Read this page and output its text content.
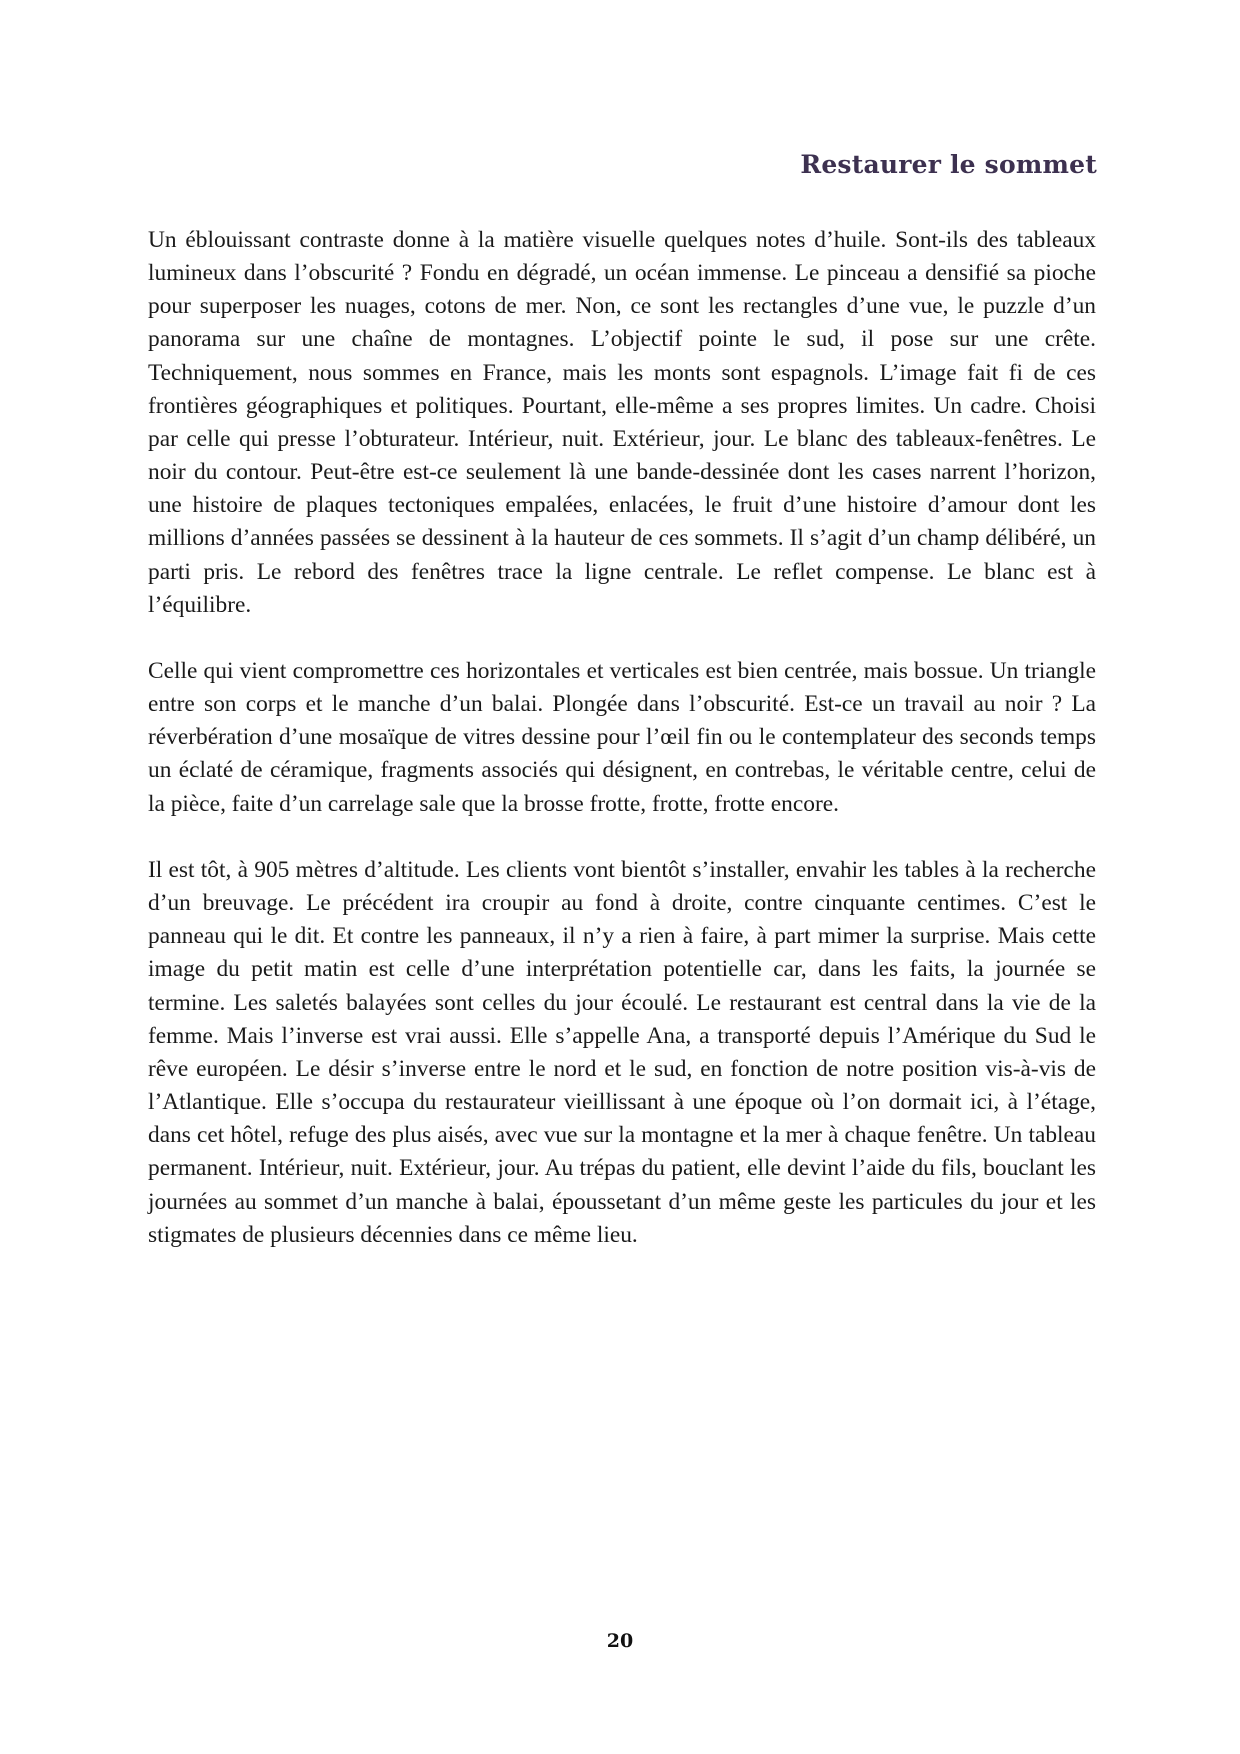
Restaurer le sommet

Un éblouissant contraste donne à la matière visuelle quelques notes d’huile. Sont-ils des tableaux lumineux dans l’obscurité ? Fondu en dégradé, un océan immense. Le pinceau a densifié sa pioche pour superposer les nuages, cotons de mer. Non, ce sont les rectangles d’une vue, le puzzle d’un panorama sur une chaîne de montagnes. L’objectif pointe le sud, il pose sur une crête. Techniquement, nous sommes en France, mais les monts sont espagnols. L’image fait fi de ces frontières géographiques et politiques. Pourtant, elle-même a ses propres limites. Un cadre. Choisi par celle qui presse l’obturateur. Intérieur, nuit. Extérieur, jour. Le blanc des tableaux-fenêtres. Le noir du contour. Peut-être est-ce seulement là une bande-dessinée dont les cases narrent l’horizon, une histoire de plaques tectoniques empalées, enlacées, le fruit d’une histoire d’amour dont les millions d’années passées se dessinent à la hauteur de ces sommets. Il s’agit d’un champ délibéré, un parti pris. Le rebord des fenêtres trace la ligne centrale. Le reflet compense. Le blanc est à l’équilibre.

Celle qui vient compromettre ces horizontales et verticales est bien centrée, mais bossue. Un triangle entre son corps et le manche d’un balai. Plongée dans l’obscurité. Est-ce un travail au noir ? La réverbération d’une mosaïque de vitres dessine pour l’œil fin ou le contemplateur des seconds temps un éclaté de céramique, fragments associés qui désignent, en contrebas, le véritable centre, celui de la pièce, faite d’un carrelage sale que la brosse frotte, frotte, frotte encore.

Il est tôt, à 905 mètres d’altitude. Les clients vont bientôt s’installer, envahir les tables à la recherche d’un breuvage. Le précédent ira croupir au fond à droite, contre cinquante centimes. C’est le panneau qui le dit. Et contre les panneaux, il n’y a rien à faire, à part mimer la surprise. Mais cette image du petit matin est celle d’une interprétation potentielle car, dans les faits, la journée se termine. Les saletés balayées sont celles du jour écoulé. Le restaurant est central dans la vie de la femme. Mais l’inverse est vrai aussi. Elle s’appelle Ana, a transporté depuis l’Amérique du Sud le rêve européen. Le désir s’inverse entre le nord et le sud, en fonction de notre position vis-à-vis de l’Atlantique. Elle s’occupa du restaurateur vieillissant à une époque où l’on dormait ici, à l’étage, dans cet hôtel, refuge des plus aisés, avec vue sur la montagne et la mer à chaque fenêtre. Un tableau permanent. Intérieur, nuit. Extérieur, jour. Au trépas du patient, elle devint l’aide du fils, bouclant les journées au sommet d’un manche à balai, époussetant d’un même geste les particules du jour et les stigmates de plusieurs décennies dans ce même lieu.

20
